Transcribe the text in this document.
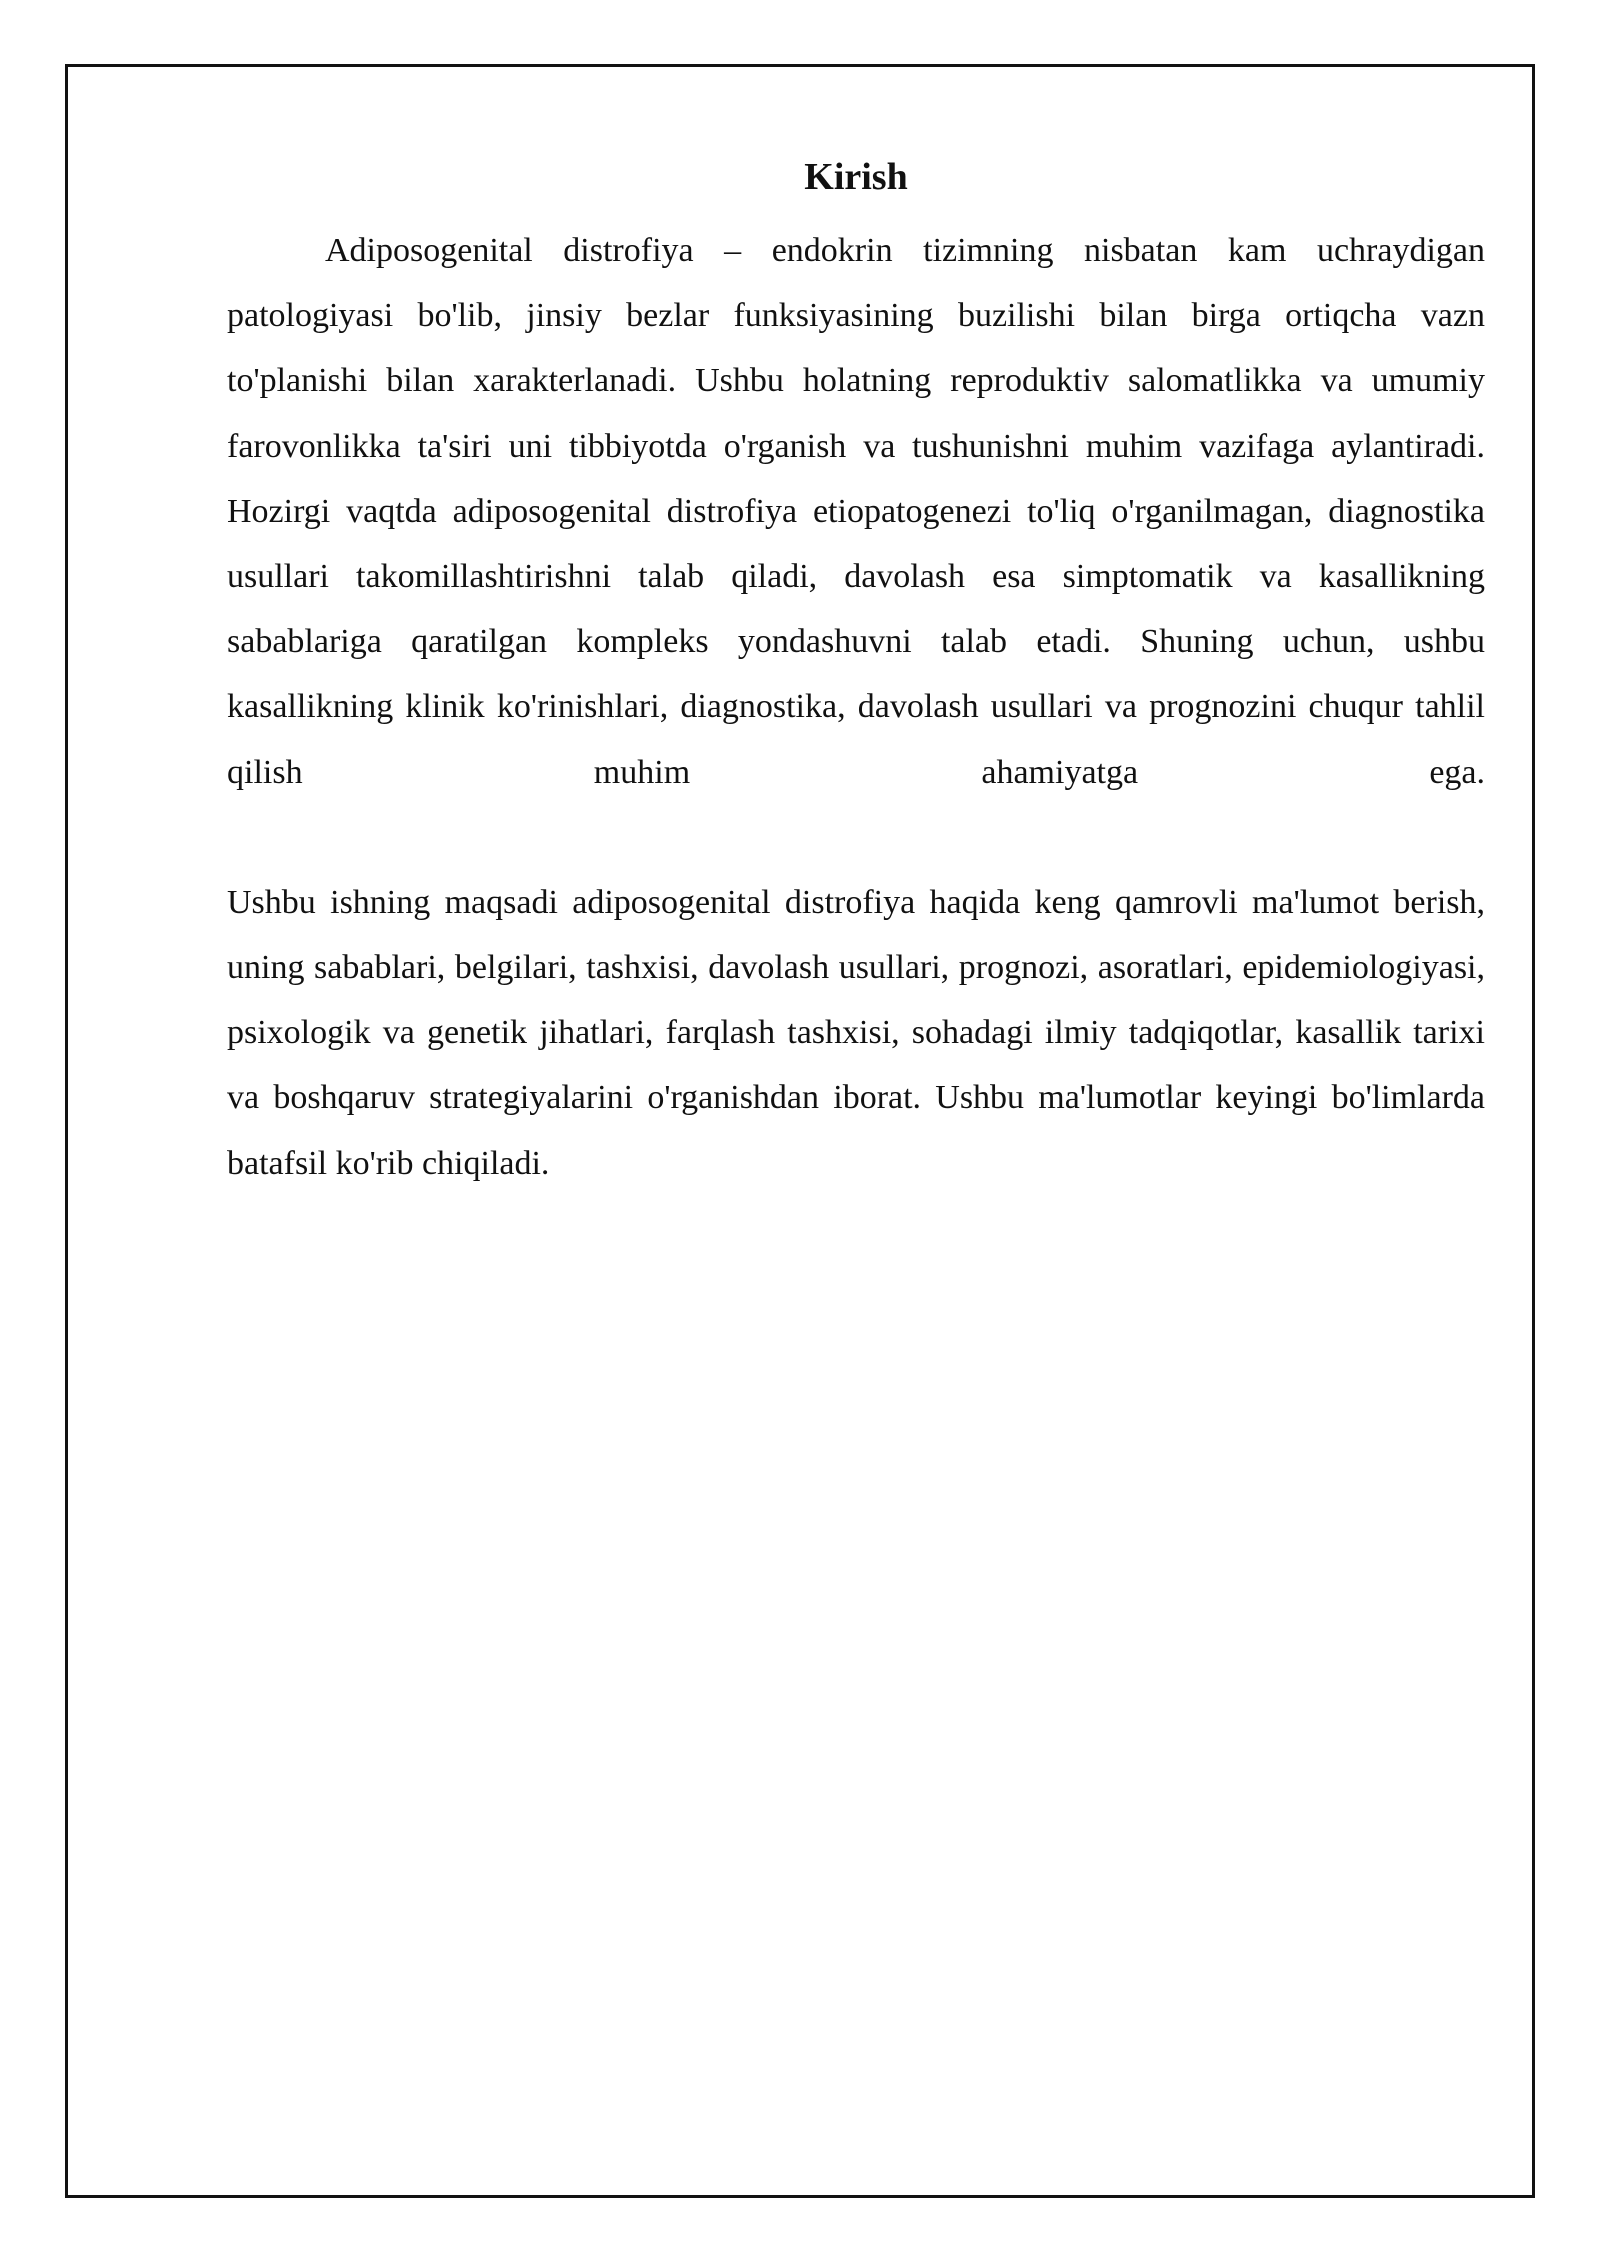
Kirish

Adiposogenital distrofiya – endokrin tizimning nisbatan kam uchraydigan patologiyasi bo'lib, jinsiy bezlar funksiyasining buzilishi bilan birga ortiqcha vazn to'planishi bilan xarakterlanadi. Ushbu holatning reproduktiv salomatlikka va umumiy farovonlikka ta'siri uni tibbiyotda o'rganish va tushunishni muhim vazifaga aylantiradi. Hozirgi vaqtda adiposogenital distrofiya etiopatogenezi to'liq o'rganilmagan, diagnostika usullari takomillashtirishni talab qiladi, davolash esa simptomatik va kasallikning sabablariga qaratilgan kompleks yondashuvni talab etadi. Shuning uchun, ushbu kasallikning klinik ko'rinishlari, diagnostika, davolash usullari va prognozini chuqur tahlil qilish muhim ahamiyatga ega.

Ushbu ishning maqsadi adiposogenital distrofiya haqida keng qamrovli ma'lumot berish, uning sabablari, belgilari, tashxisi, davolash usullari, prognozi, asoratlari, epidemiologiyasi, psixologik va genetik jihatlari, farqlash tashxisi, sohadagi ilmiy tadqiqotlar, kasallik tarixi va boshqaruv strategiyalarini o'rganishdan iborat. Ushbu ma'lumotlar keyingi bo'limlarda batafsil ko'rib chiqiladi.
